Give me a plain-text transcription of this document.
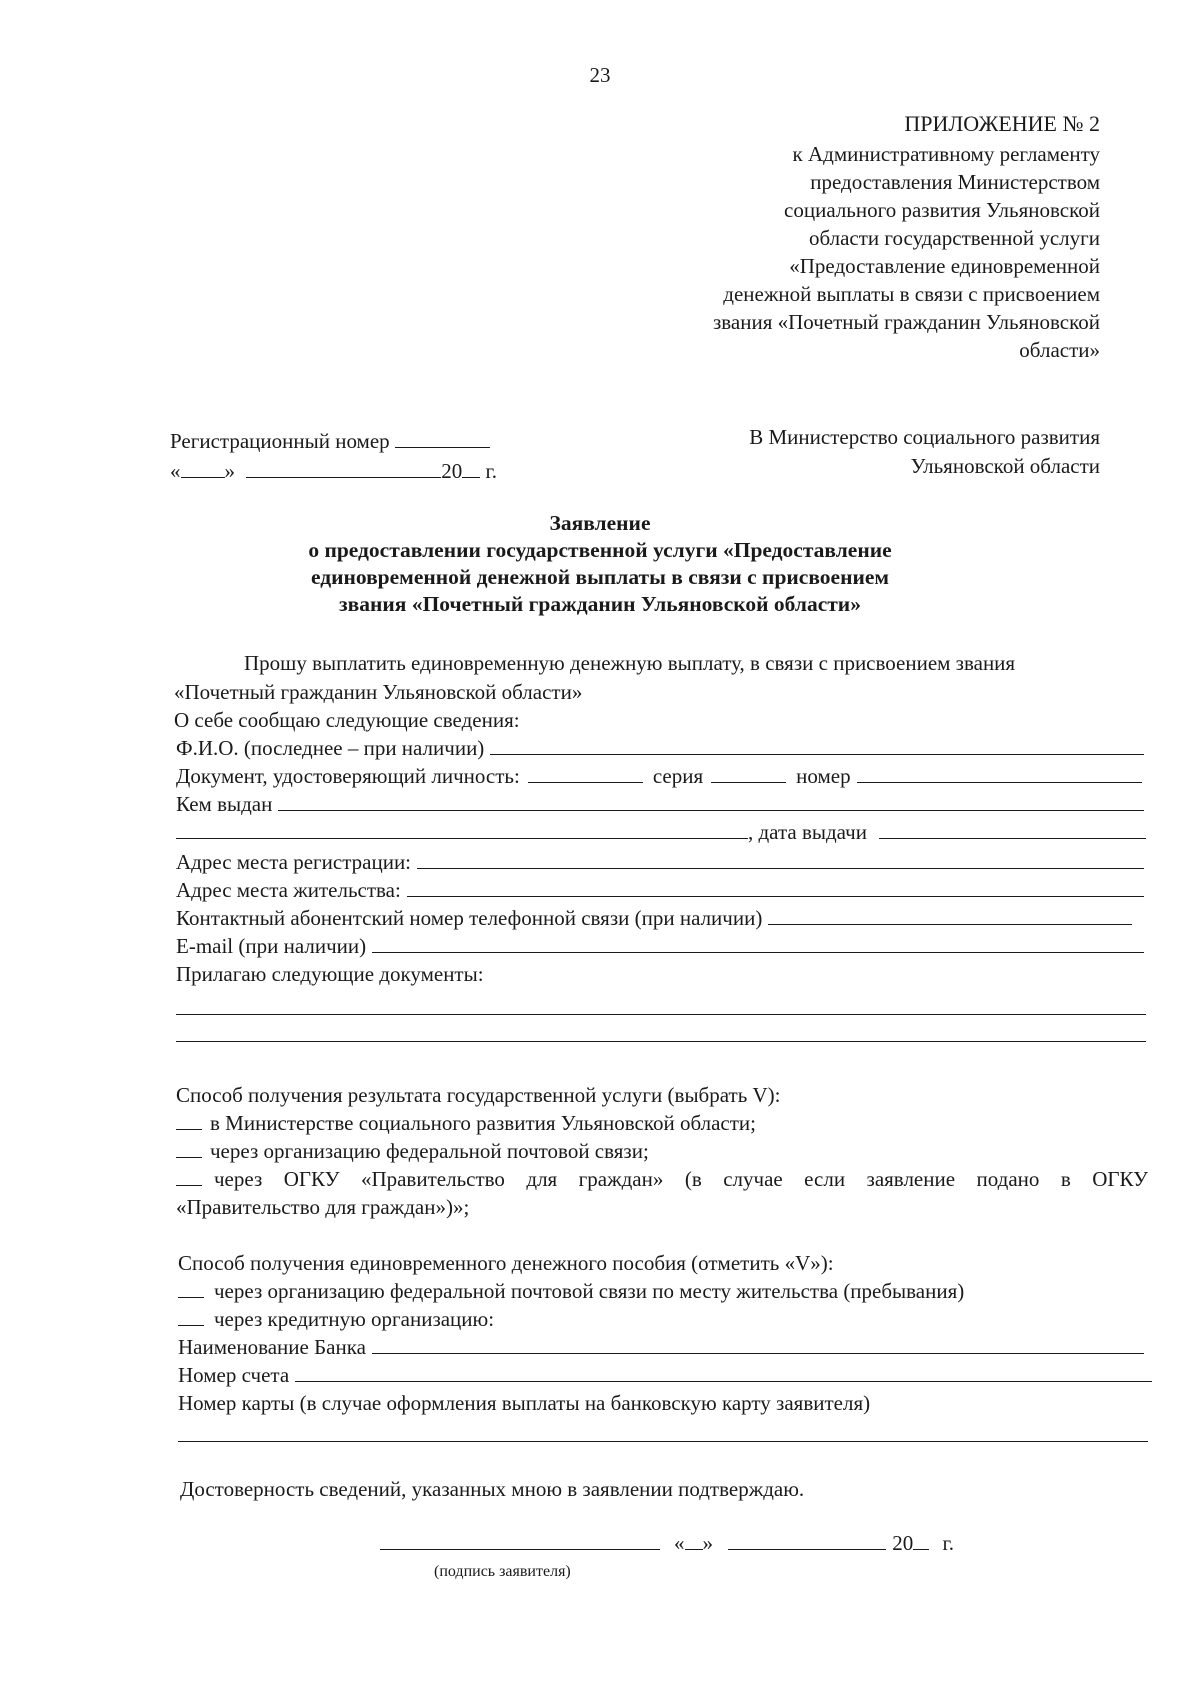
23
ПРИЛОЖЕНИЕ № 2
к Административному регламенту
предоставления Министерством
социального развития Ульяновской
области государственной услуги
«Предоставление единовременной
денежной выплаты в связи с присвоением
звания «Почетный гражданин Ульяновской
области»
Регистрационный номер
« »	20 г.
В Министерство социального развития
Ульяновской области
Заявление
о предоставлении государственной услуги «Предоставление
единовременной денежной выплаты в связи с присвоением
звания «Почетный гражданин Ульяновской области»
Прошу выплатить единовременную денежную выплату, в связи с присвоением звания
«Почетный гражданин Ульяновской области»
О себе сообщаю следующие сведения:
Ф.И.О. (последнее – при наличии)
Документ, удостоверяющий личность:	серия	номер
Кем выдан
, дата выдачи
Адрес места регистрации:
Адрес места жительства:
Контактный абонентский номер телефонной связи (при наличии)
E-mail (при наличии)
Прилагаю следующие документы:
Способ получения результата государственной услуги (выбрать V):
в Министерстве социального развития Ульяновской области;
через организацию федеральной почтовой связи;
через ОГКУ «Правительство для граждан» (в случае если заявление подано в ОГКУ
«Правительство для граждан»)»;
Способ получения единовременного денежного пособия (отметить «V»):
через организацию федеральной почтовой связи по месту жительства (пребывания)
через кредитную организацию:
Наименование Банка
Номер счета
Номер карты (в случае оформления выплаты на банковскую карту заявителя)
Достоверность сведений, указанных мною в заявлении подтверждаю.
« »	20 г.
(подпись заявителя)
